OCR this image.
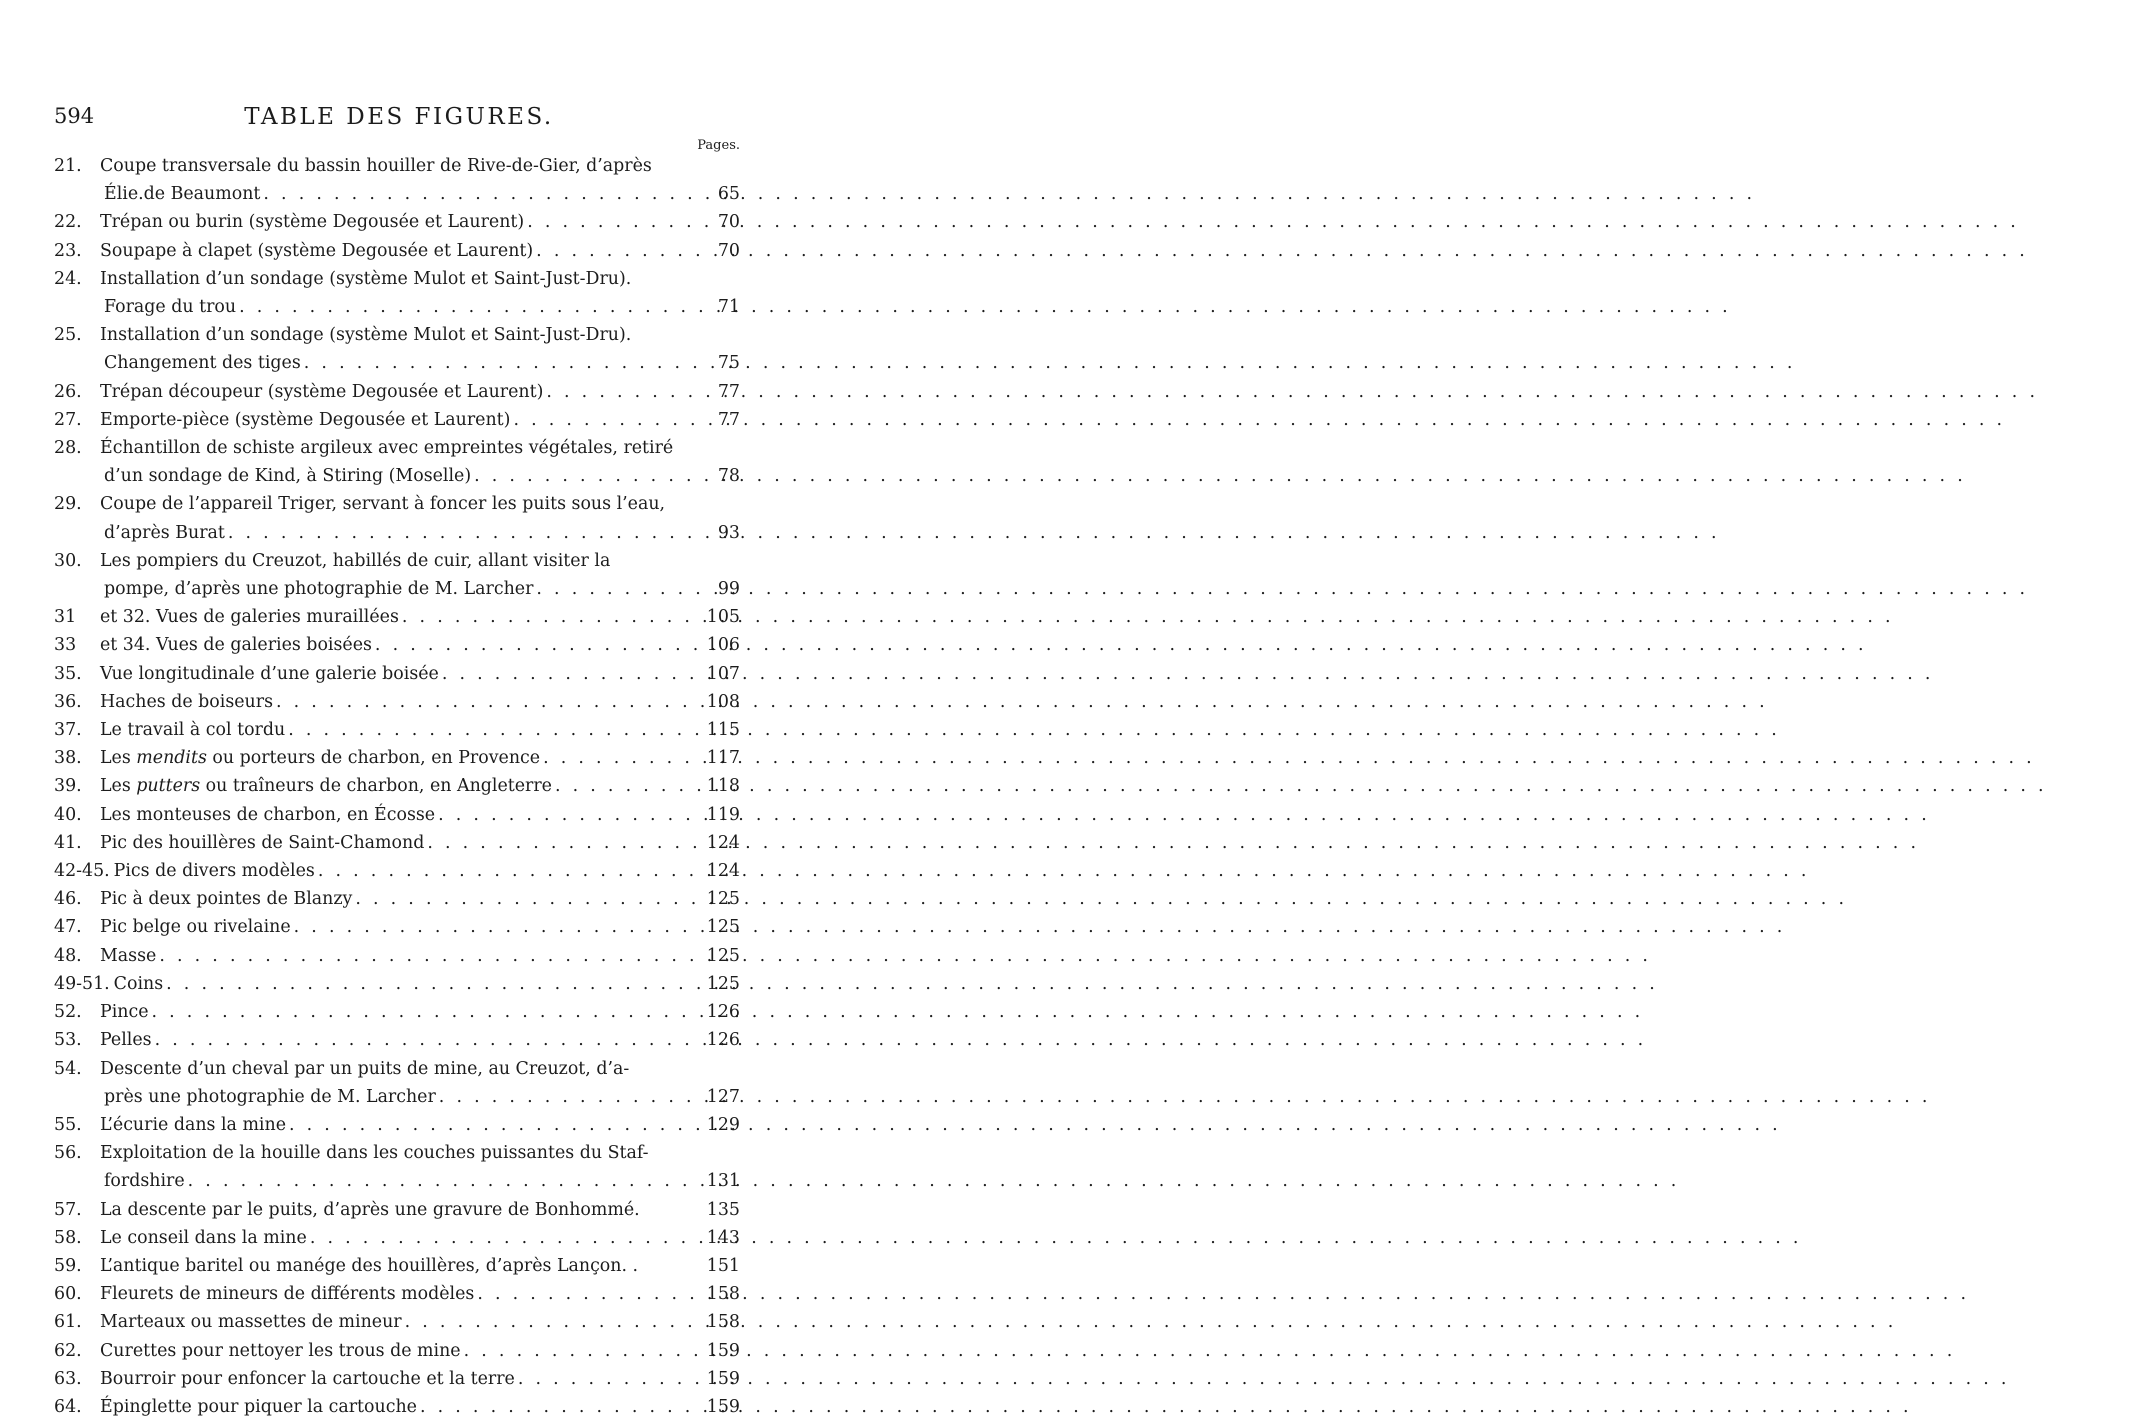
594	TABLE DES FIGURES.
Pages.
21.	Coupe transversale du bassin houiller de Rive-de-Gier, d’après
Élie.de Beaumont . . .	65
22.	Trépan ou burin (système Degousée et Laurent) . . .	70
23.	Soupape à clapet (système Degousée et Laurent) . . .	70
24.	Installation d’un sondage (système Mulot et Saint-Just-Dru).
Forage du trou . . .	71
25.	Installation d’un sondage (système Mulot et Saint-Just-Dru).
Changement des tiges . . .	75
26.	Trépan découpeur (système Degousée et Laurent) . . .	77
27.	Emporte-pièce (système Degousée et Laurent) . . .	77
28.	Échantillon de schiste argileux avec empreintes végétales, retiré
d’un sondage de Kind, à Stiring (Moselle) . . .	78
29.	Coupe de l’appareil Triger, servant à foncer les puits sous l’eau,
d’après Burat . . .	93
30.	Les pompiers du Creuzot, habillés de cuir, allant visiter la
pompe, d’après une photographie de M. Larcher . . .	99
31	et 32. Vues de galeries muraillées . . .	105
33	et 34. Vues de galeries boisées . . .	106
35.	Vue longitudinale d’une galerie boisée . . .	107
36.	Haches de boiseurs . . .	108
37.	Le travail à col tordu . . .	115
38.	Les mendits ou porteurs de charbon, en Provence . . .	117
39.	Les putters ou traîneurs de charbon, en Angleterre . . .	118
40.	Les monteuses de charbon, en Écosse . . .	119
41.	Pic des houillères de Saint-Chamond . . .	124
42-45. Pics de divers modèles . . .	124
46.	Pic à deux pointes de Blanzy . . .	125
47.	Pic belge ou rivelaine . . .	125
48.	Masse . . .	125
49-51. Coins . . .	125
52.	Pince . . .	126
53.	Pelles . . .	126
54.	Descente d’un cheval par un puits de mine, au Creuzot, d’a-
près une photographie de M. Larcher . . .	127
55.	L’écurie dans la mine . . .	129
56.	Exploitation de la houille dans les couches puissantes du Staf-
fordshire . . .	131
57.	La descente par le puits, d’après une gravure de Bonhommé.	135
58.	Le conseil dans la mine . . .	143
59.	L’antique baritel ou manége des houillères, d’après Lançon. .	151
60.	Fleurets de mineurs de différents modèles . . .	158
61.	Marteaux ou massettes de mineur . . .	158
62.	Curettes pour nettoyer les trous de mine . . .	159
63.	Bourroir pour enfoncer la cartouche et la terre . . .	159
64.	Épinglette pour piquer la cartouche . . .	159
